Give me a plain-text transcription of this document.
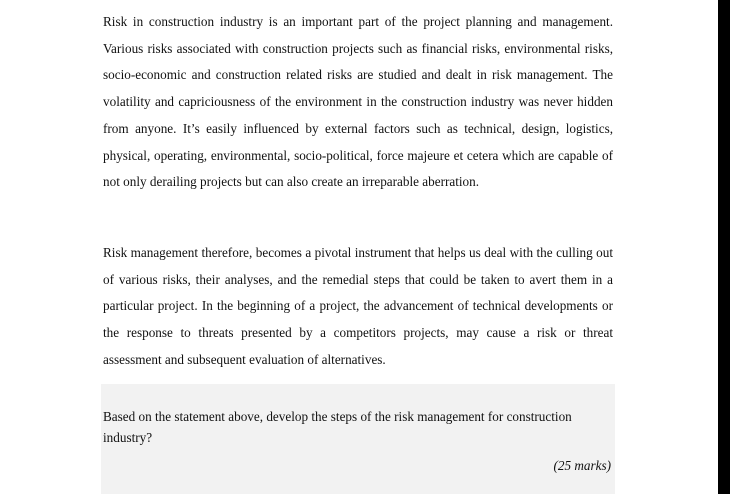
Risk in construction industry is an important part of the project planning and management. Various risks associated with construction projects such as financial risks, environmental risks, socio-economic and construction related risks are studied and dealt in risk management. The volatility and capriciousness of the environment in the construction industry was never hidden from anyone. It’s easily influenced by external factors such as technical, design, logistics, physical, operating, environmental, socio-political, force majeure et cetera which are capable of not only derailing projects but can also create an irreparable aberration.

Risk management therefore, becomes a pivotal instrument that helps us deal with the culling out of various risks, their analyses, and the remedial steps that could be taken to avert them in a particular project. In the beginning of a project, the advancement of technical developments or the response to threats presented by a competitors projects, may cause a risk or threat assessment and subsequent evaluation of alternatives.

Based on the statement above, develop the steps of the risk management for construction industry?

(25 marks)
